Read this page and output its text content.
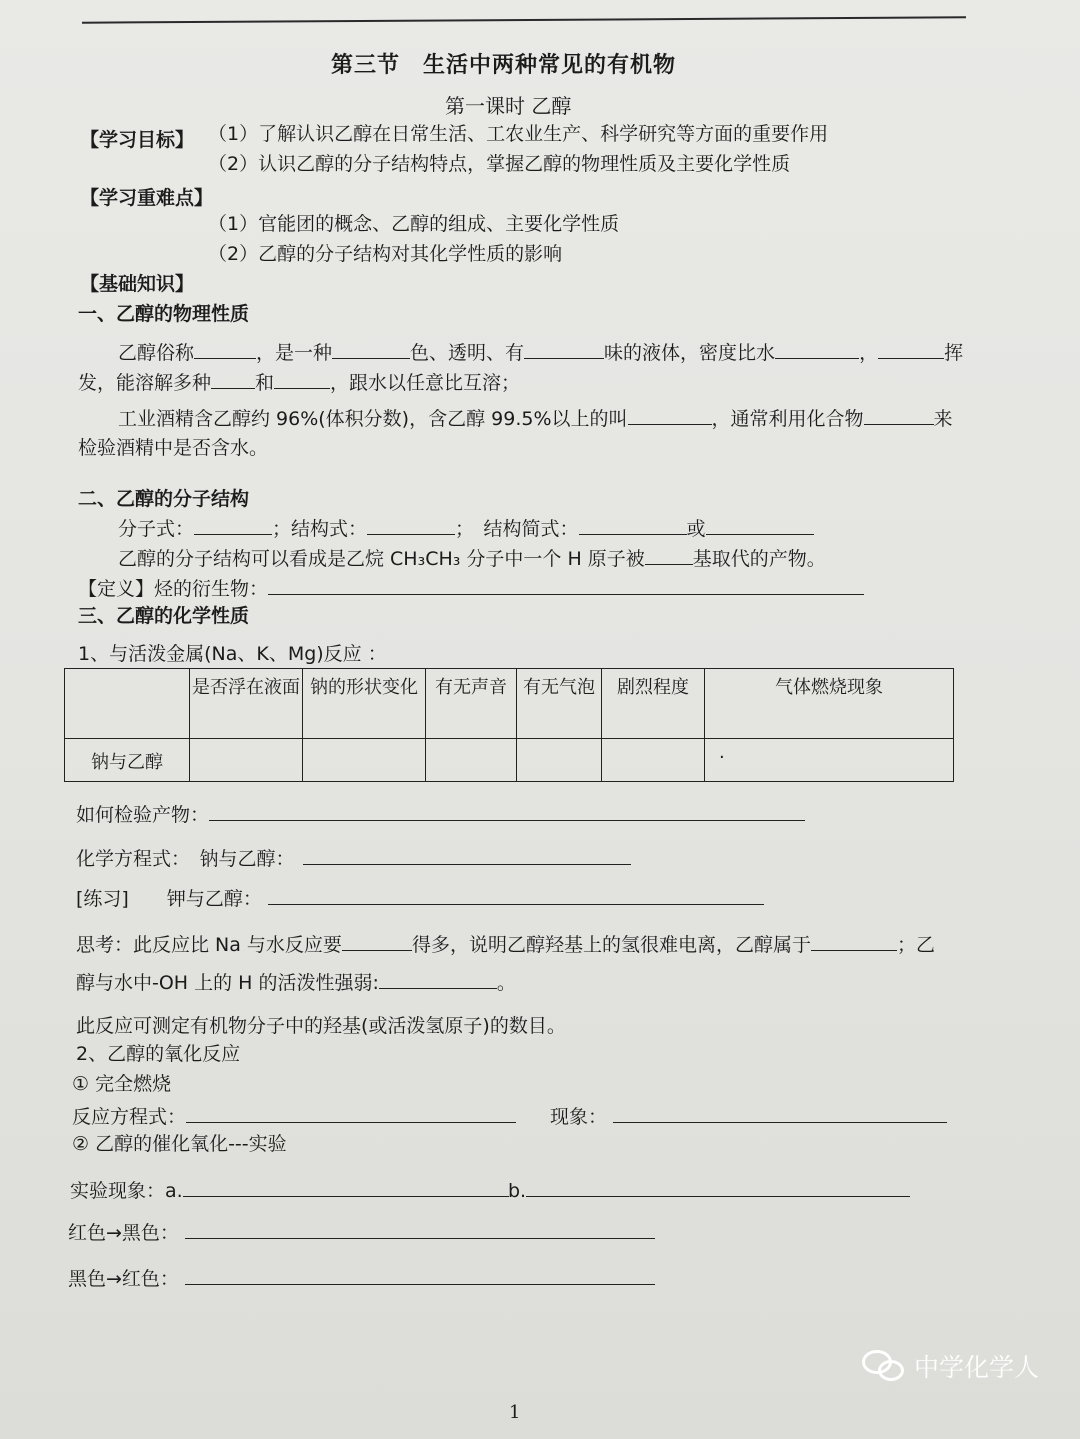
第三节　生活中两种常见的有机物
第一课时 乙醇
【学习目标】 （1）了解认识乙醇在日常生活、工农业生产、科学研究等方面的重要作用
（2）认识乙醇的分子结构特点，掌握乙醇的物理性质及主要化学性质
【学习重难点】
（1）官能团的概念、乙醇的组成、主要化学性质
（2）乙醇的分子结构对其化学性质的影响
【基础知识】
一、乙醇的物理性质
乙醇俗称	，是一种	色、透明、有	味的液体，密度比水	，	挥
发，能溶解多种 和	，跟水以任意比互溶；
工业酒精含乙醇约 96%(体积分数)，含乙醇 99.5%以上的叫	，通常利用化合物	来
检验酒精中是否含水。
二、乙醇的分子结构
分子式：	；结构式：	；　结构简式：	或
乙醇的分子结构可以看成是乙烷 CH₃CH₃ 分子中一个 H 原子被	基取代的产物。
【定义】烃的衍生物：
三、乙醇的化学性质
1、与活泼金属(Na、K、Mg)反应 ：
	是否浮在液面	钠的形状变化	有无声音	有无气泡	剧烈程度	气体燃烧现象
钠与乙醇						·
如何检验产物：
化学方程式：　钠与乙醇：
[练习]　　钾与乙醇：
思考：此反应比 Na 与水反应要	得多，说明乙醇羟基上的氢很难电离，乙醇属于	；乙
醇与水中-OH 上的 H 的活泼性强弱:	。
此反应可测定有机物分子中的羟基(或活泼氢原子)的数目。
2、乙醇的氧化反应
① 完全燃烧
反应方程式：	现象：
② 乙醇的催化氧化---实验
实验现象：a.	b.
红色→黑色：
黑色→红色：
中学化学人
1
